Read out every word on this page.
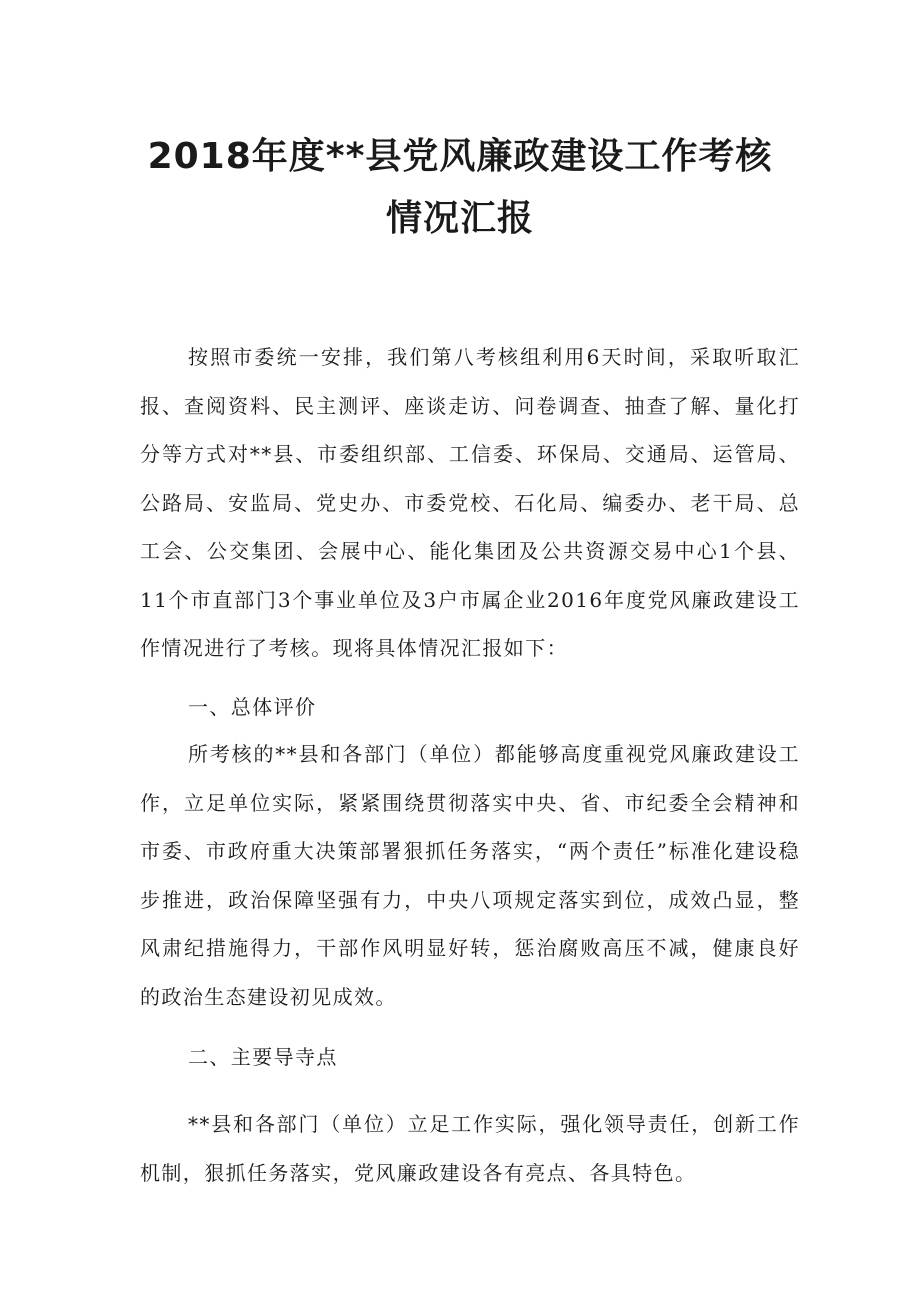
2018年度**县党风廉政建设工作考核
情况汇报

按照市委统一安排，我们第八考核组利用6天时间，采取听取汇报、查阅资料、民主测评、座谈走访、问卷调查、抽查了解、量化打分等方式对**县、市委组织部、工信委、环保局、交通局、运管局、公路局、安监局、党史办、市委党校、石化局、编委办、老干局、总工会、公交集团、会展中心、能化集团及公共资源交易中心1个县、11个市直部门3个事业单位及3户市属企业2016年度党风廉政建设工作情况进行了考核。现将具体情况汇报如下：

一、总体评价

所考核的**县和各部门（单位）都能够高度重视党风廉政建设工作，立足单位实际，紧紧围绕贯彻落实中央、省、市纪委全会精神和市委、市政府重大决策部署狠抓任务落实，“两个责任”标准化建设稳步推进，政治保障坚强有力，中央八项规定落实到位，成效凸显，整风肃纪措施得力，干部作风明显好转，惩治腐败高压不减，健康良好的政治生态建设初见成效。

二、主要导寺点

**县和各部门（单位）立足工作实际，强化领导责任，创新工作机制，狠抓任务落实，党风廉政建设各有亮点、各具特色。
